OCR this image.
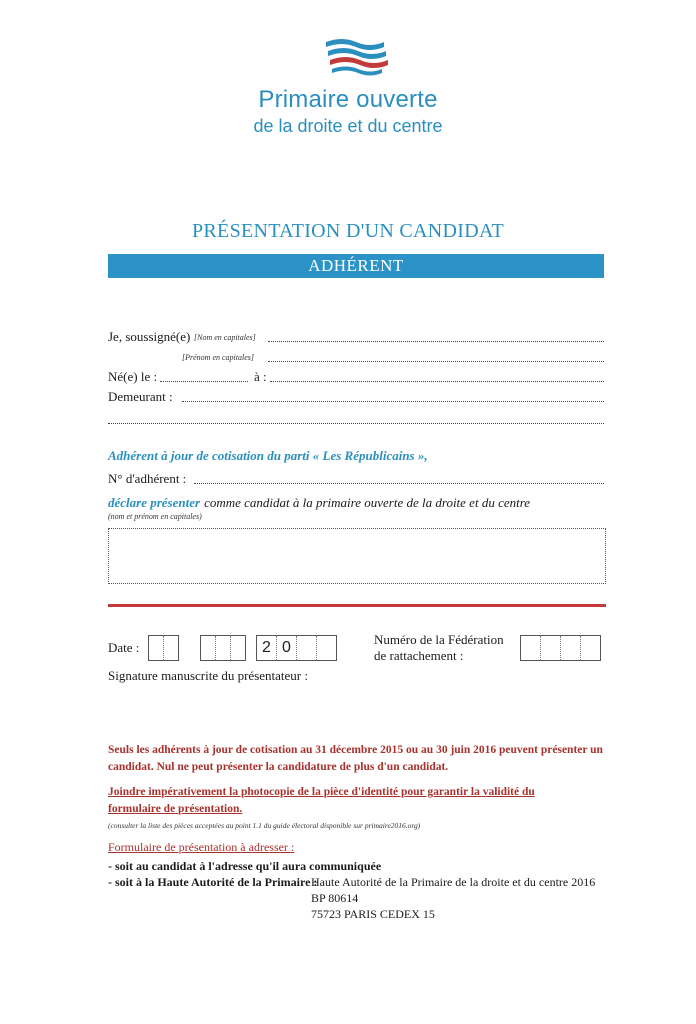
Primaire ouverte
de la droite et du centre
PRÉSENTATION D'UN CANDIDAT
ADHÉRENT
Je, soussigné(e) [Nom en capitales]
[Prénom en capitales]
Né(e) le :	à :
Demeurant :
Adhérent à jour de cotisation du parti « Les Républicains »,
N° d'adhérent :
déclare présenter comme candidat à la primaire ouverte de la droite et du centre
(nom et prénom en capitales)
Date :	2 0	Numéro de la Fédération
de rattachement :
Signature manuscrite du présentateur :
Seuls les adhérents à jour de cotisation au 31 décembre 2015 ou au 30 juin 2016 peuvent présenter un candidat. Nul ne peut présenter la candidature de plus d'un candidat.
Joindre impérativement la photocopie de la pièce d'identité pour garantir la validité du formulaire de présentation.
(consulter la liste des pièces acceptées au point 1.1 du guide électoral disponible sur primaire2016.org)
Formulaire de présentation à adresser :
- soit au candidat à l'adresse qu'il aura communiquée
- soit à la Haute Autorité de la Primaire :
Haute Autorité de la Primaire de la droite et du centre 2016
BP 80614
75723 PARIS CEDEX 15
